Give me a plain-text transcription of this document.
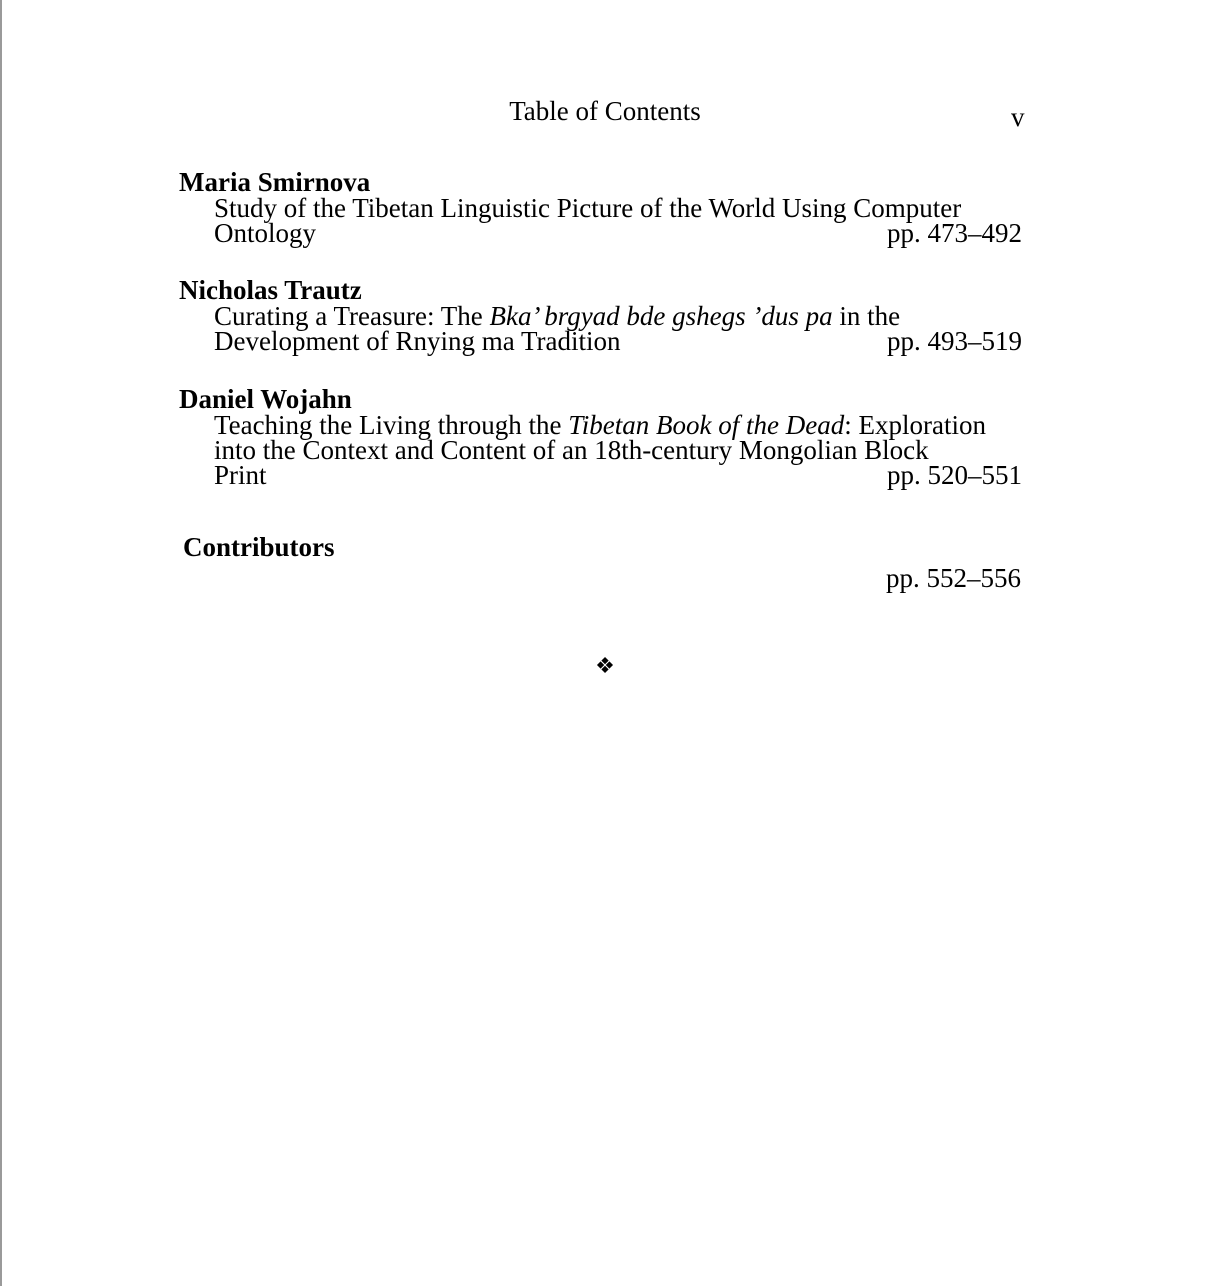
Table of Contents	v
Maria Smirnova
Study of the Tibetan Linguistic Picture of the World Using Computer
Ontology	pp. 473–492
Nicholas Trautz
Curating a Treasure: The Bka’ brgyad bde gshegs ’dus pa in the
Development of Rnying ma Tradition	pp. 493–519
Daniel Wojahn
Teaching the Living through the Tibetan Book of the Dead: Exploration
into the Context and Content of an 18th-century Mongolian Block
Print	pp. 520–551
Contributors
pp. 552–556
❖
